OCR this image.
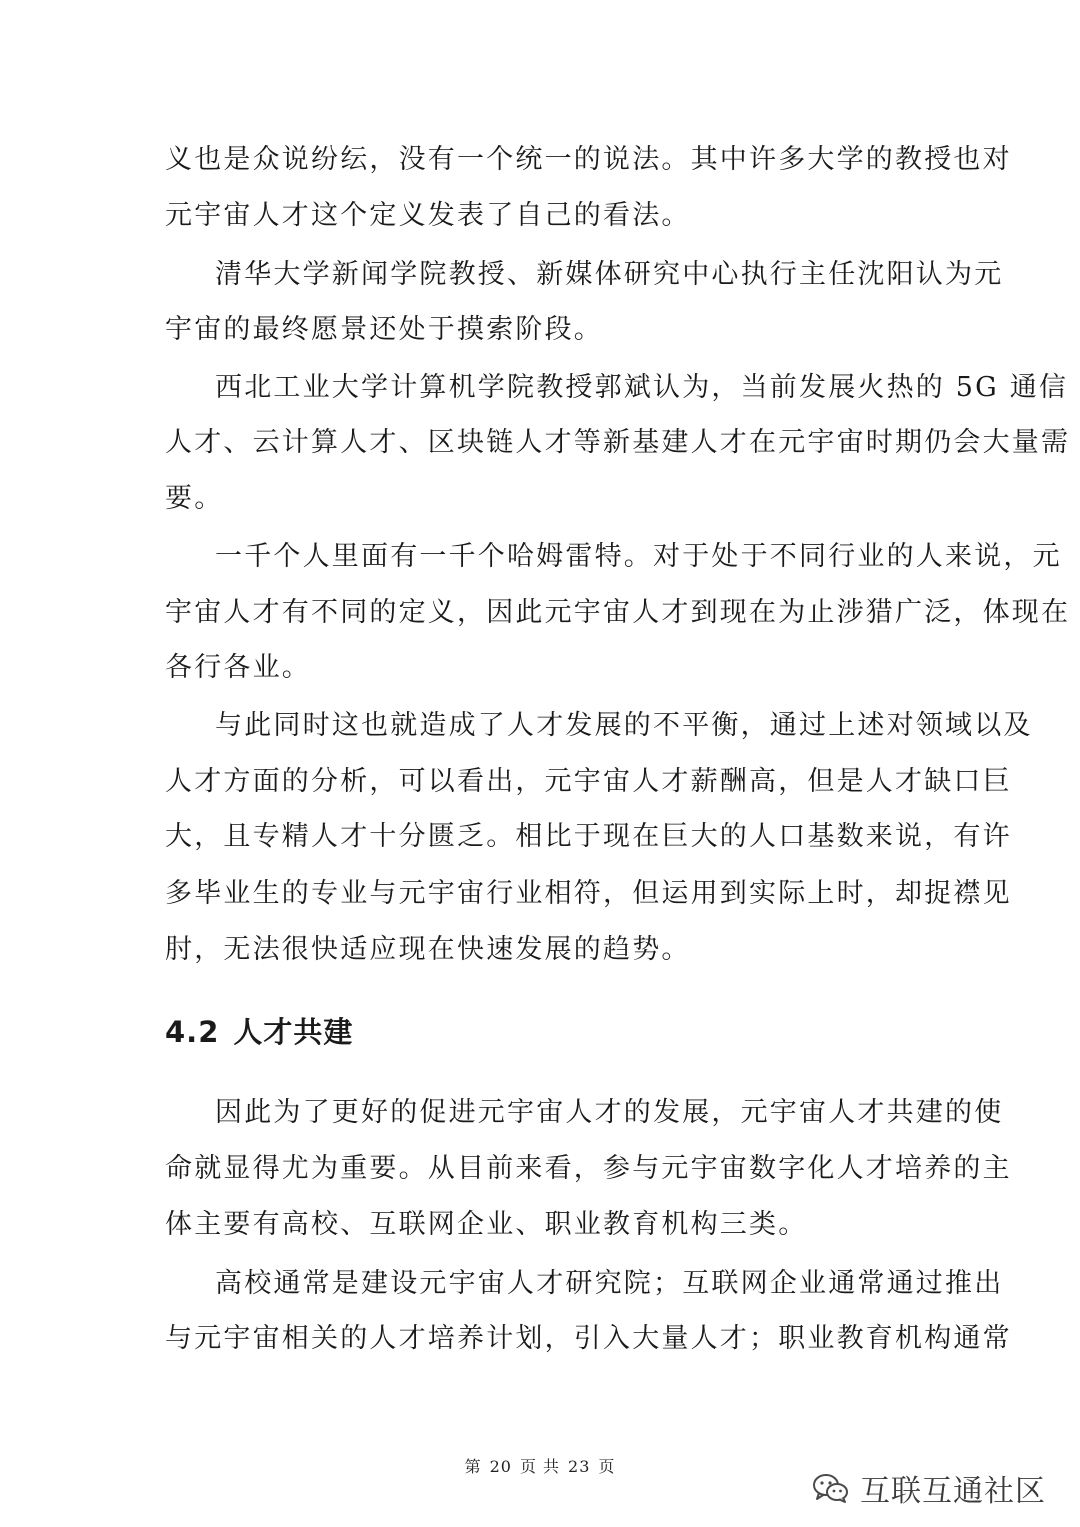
义也是众说纷纭，没有一个统一的说法。其中许多大学的教授也对
元宇宙人才这个定义发表了自己的看法。
清华大学新闻学院教授、新媒体研究中心执行主任沈阳认为元
宇宙的最终愿景还处于摸索阶段。
西北工业大学计算机学院教授郭斌认为，当前发展火热的 5G 通信
人才、云计算人才、区块链人才等新基建人才在元宇宙时期仍会大量需
要。
一千个人里面有一千个哈姆雷特。对于处于不同行业的人来说，元
宇宙人才有不同的定义，因此元宇宙人才到现在为止涉猎广泛，体现在
各行各业。
与此同时这也就造成了人才发展的不平衡，通过上述对领域以及
人才方面的分析，可以看出，元宇宙人才薪酬高，但是人才缺口巨
大，且专精人才十分匮乏。相比于现在巨大的人口基数来说，有许
多毕业生的专业与元宇宙行业相符，但运用到实际上时，却捉襟见
肘，无法很快适应现在快速发展的趋势。
4.2 人才共建
因此为了更好的促进元宇宙人才的发展，元宇宙人才共建的使
命就显得尤为重要。从目前来看，参与元宇宙数字化人才培养的主
体主要有高校、互联网企业、职业教育机构三类。
高校通常是建设元宇宙人才研究院；互联网企业通常通过推出
与元宇宙相关的人才培养计划，引入大量人才；职业教育机构通常
第 20 页 共 23 页
互联互通社区
